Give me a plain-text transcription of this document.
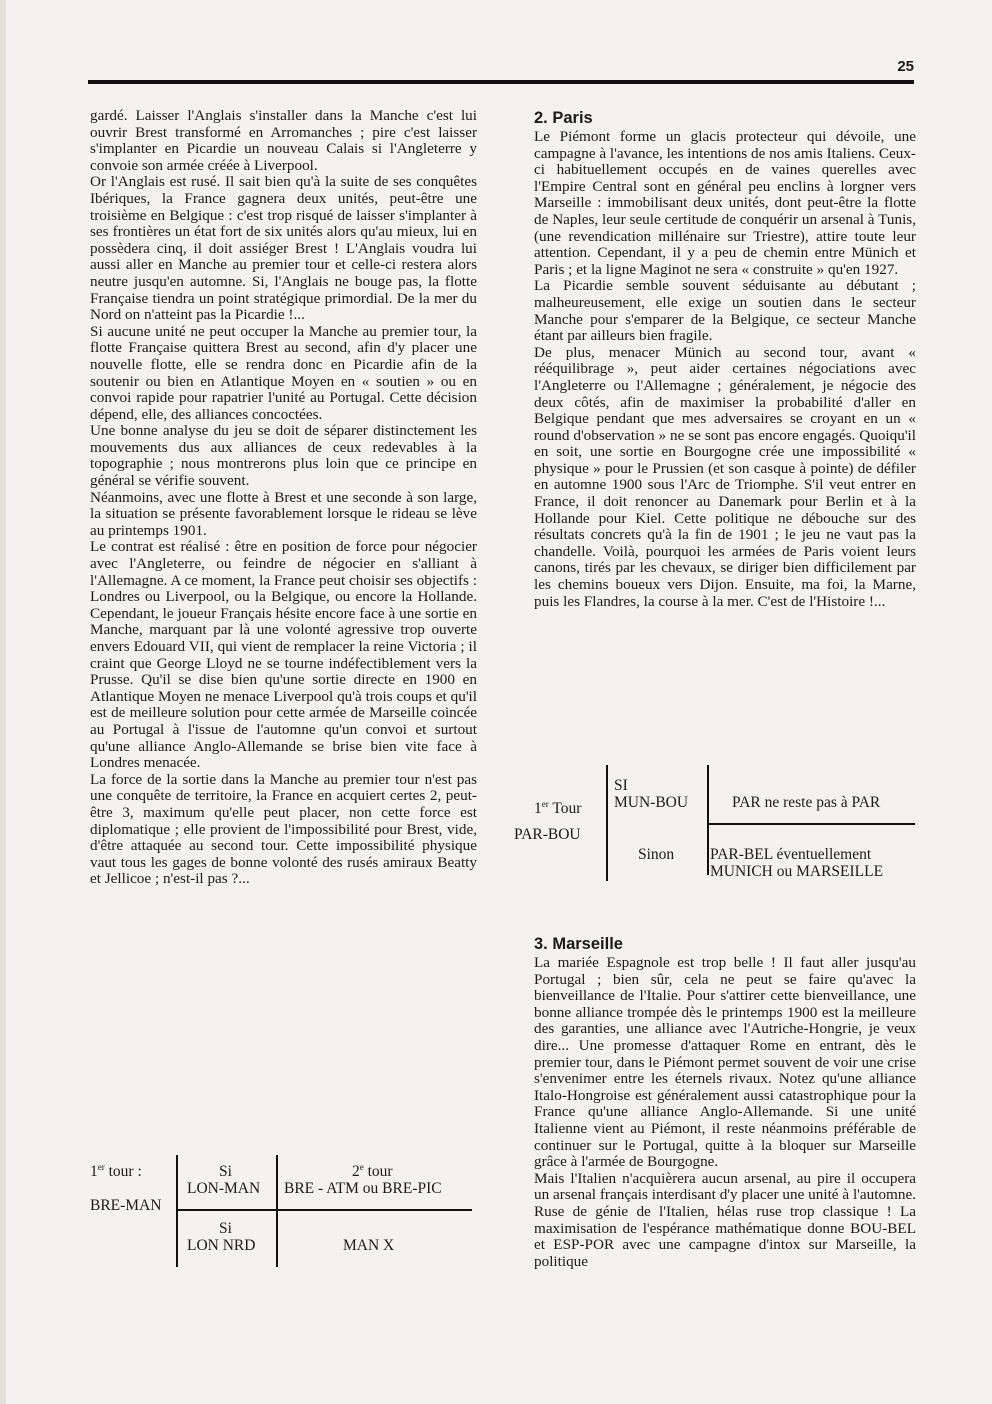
25

gardé. Laisser l'Anglais s'installer dans la Manche c'est lui ouvrir Brest transformé en Arromanches ; pire c'est laisser s'implanter en Picardie un nouveau Calais si l'Angleterre y convoie son armée créée à Liverpool.

Or l'Anglais est rusé. Il sait bien qu'à la suite de ses conquêtes Ibériques, la France gagnera deux unités, peut-être une troisième en Belgique : c'est trop risqué de laisser s'implanter à ses frontières un état fort de six unités alors qu'au mieux, lui en possèdera cinq, il doit assiéger Brest ! L'Anglais voudra lui aussi aller en Manche au premier tour et celle-ci restera alors neutre jusqu'en automne. Si, l'Anglais ne bouge pas, la flotte Française tiendra un point stratégique primordial. De la mer du Nord on n'atteint pas la Picardie !...

Si aucune unité ne peut occuper la Manche au premier tour, la flotte Française quittera Brest au second, afin d'y placer une nouvelle flotte, elle se rendra donc en Picardie afin de la soutenir ou bien en Atlantique Moyen en « soutien » ou en convoi rapide pour rapatrier l'unité au Portugal. Cette décision dépend, elle, des alliances concoctées.

Une bonne analyse du jeu se doit de séparer distinctement les mouvements dus aux alliances de ceux redevables à la topographie ; nous montrerons plus loin que ce principe en général se vérifie souvent.

Néanmoins, avec une flotte à Brest et une seconde à son large, la situation se présente favorablement lorsque le rideau se lève au printemps 1901.

Le contrat est réalisé : être en position de force pour négocier avec l'Angleterre, ou feindre de négocier en s'alliant à l'Allemagne. A ce moment, la France peut choisir ses objectifs : Londres ou Liverpool, ou la Belgique, ou encore la Hollande. Cependant, le joueur Français hésite encore face à une sortie en Manche, marquant par là une volonté agressive trop ouverte envers Edouard VII, qui vient de remplacer la reine Victoria ; il craint que George Lloyd ne se tourne indéfectiblement vers la Prusse. Qu'il se dise bien qu'une sortie directe en 1900 en Atlantique Moyen ne menace Liverpool qu'à trois coups et qu'il est de meilleure solution pour cette armée de Marseille coincée au Portugal à l'issue de l'automne qu'un convoi et surtout qu'une alliance Anglo-Allemande se brise bien vite face à Londres menacée.

La force de la sortie dans la Manche au premier tour n'est pas une conquête de territoire, la France en acquiert certes 2, peut-être 3, maximum qu'elle peut placer, non cette force est diplomatique ; elle provient de l'impossibilité pour Brest, vide, d'être attaquée au second tour. Cette impossibilité physique vaut tous les gages de bonne volonté des rusés amiraux Beatty et Jellicoe ; n'est-il pas ?...

2. Paris

Le Piémont forme un glacis protecteur qui dévoile, une campagne à l'avance, les intentions de nos amis Italiens. Ceux-ci habituellement occupés en de vaines querelles avec l'Empire Central sont en général peu enclins à lorgner vers Marseille : immobilisant deux unités, dont peut-être la flotte de Naples, leur seule certitude de conquérir un arsenal à Tunis, (une revendication millénaire sur Triestre), attire toute leur attention. Cependant, il y a peu de chemin entre Münich et Paris ; et la ligne Maginot ne sera « construite » qu'en 1927.

La Picardie semble souvent séduisante au débutant ; malheureusement, elle exige un soutien dans le secteur Manche pour s'emparer de la Belgique, ce secteur Manche étant par ailleurs bien fragile.

De plus, menacer Münich au second tour, avant « rééquilibrage », peut aider certaines négociations avec l'Angleterre ou l'Allemagne ; généralement, je négocie des deux côtés, afin de maximiser la probabilité d'aller en Belgique pendant que mes adversaires se croyant en un « round d'observation » ne se sont pas encore engagés. Quoiqu'il en soit, une sortie en Bourgogne crée une impossibilité « physique » pour le Prussien (et son casque à pointe) de défiler en automne 1900 sous l'Arc de Triomphe. S'il veut entrer en France, il doit renoncer au Danemark pour Berlin et à la Hollande pour Kiel. Cette politique ne débouche sur des résultats concrets qu'à la fin de 1901 ; le jeu ne vaut pas la chandelle. Voilà, pourquoi les armées de Paris voient leurs canons, tirés par les chevaux, se diriger bien difficilement par les chemins boueux vers Dijon. Ensuite, ma foi, la Marne, puis les Flandres, la course à la mer. C'est de l'Histoire !...

1er Tour
PAR-BOU
SI
MUN-BOU	PAR ne reste pas à PAR
Sinon PAR-BEL éventuellement
MUNICH ou MARSEILLE
3. Marseille

La mariée Espagnole est trop belle ! Il faut aller jusqu'au Portugal ; bien sûr, cela ne peut se faire qu'avec la bienveillance de l'Italie. Pour s'attirer cette bienveillance, une bonne alliance trompée dès le printemps 1900 est la meilleure des garanties, une alliance avec l'Autriche-Hongrie, je veux dire... Une promesse d'attaquer Rome en entrant, dès le premier tour, dans le Piémont permet souvent de voir une crise s'envenimer entre les éternels rivaux. Notez qu'une alliance Italo-Hongroise est généralement aussi catastrophique pour la France qu'une alliance Anglo-Allemande. Si une unité Italienne vient au Piémont, il reste néanmoins préférable de continuer sur le Portugal, quitte à la bloquer sur Marseille grâce à l'armée de Bourgogne.

Mais l'Italien n'acquièrera aucun arsenal, au pire il occupera un arsenal français interdisant d'y placer une unité à l'automne. Ruse de génie de l'Italien, hélas ruse trop classique ! La maximisation de l'espérance mathématique donne BOU-BEL et ESP-POR avec une campagne d'intox sur Marseille, la politique

1er tour :
BRE-MAN
Si
LON-MAN
2e tour
BRE - ATM ou BRE-PIC
Si
LON NRD	MAN X
